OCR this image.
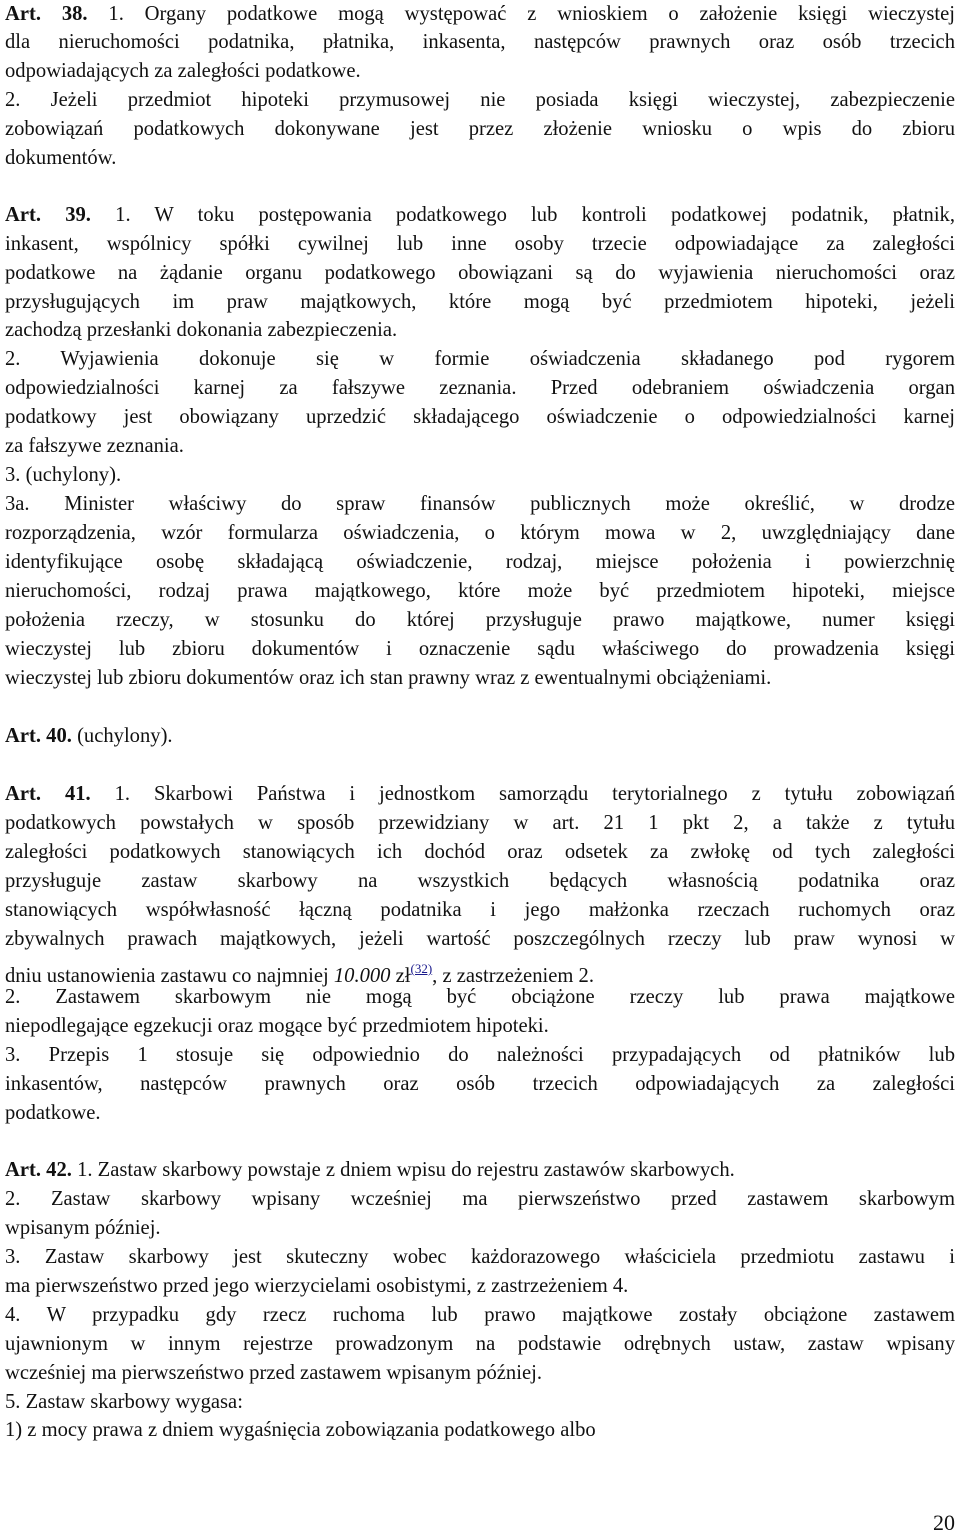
Art. 38. 1. Organy podatkowe mogą występować z wnioskiem o założenie księgi wieczystej
dla nieruchomości podatnika, płatnika, inkasenta, następców prawnych oraz osób trzecich
odpowiadających za zaległości podatkowe.
2. Jeżeli przedmiot hipoteki przymusowej nie posiada księgi wieczystej, zabezpieczenie
zobowiązań podatkowych dokonywane jest przez złożenie wniosku o wpis do zbioru
dokumentów.
Art. 39. 1. W toku postępowania podatkowego lub kontroli podatkowej podatnik, płatnik,
inkasent, wspólnicy spółki cywilnej lub inne osoby trzecie odpowiadające za zaległości
podatkowe na żądanie organu podatkowego obowiązani są do wyjawienia nieruchomości oraz
przysługujących im praw majątkowych, które mogą być przedmiotem hipoteki, jeżeli
zachodzą przesłanki dokonania zabezpieczenia.
2. Wyjawienia dokonuje się w formie oświadczenia składanego pod rygorem
odpowiedzialności karnej za fałszywe zeznania. Przed odebraniem oświadczenia organ
podatkowy jest obowiązany uprzedzić składającego oświadczenie o odpowiedzialności karnej
za fałszywe zeznania.
3. (uchylony).
3a. Minister właściwy do spraw finansów publicznych może określić, w drodze
rozporządzenia, wzór formularza oświadczenia, o którym mowa w 2, uwzględniający dane
identyfikujące osobę składającą oświadczenie, rodzaj, miejsce położenia i powierzchnię
nieruchomości, rodzaj prawa majątkowego, które może być przedmiotem hipoteki, miejsce
położenia rzeczy, w stosunku do której przysługuje prawo majątkowe, numer księgi
wieczystej lub zbioru dokumentów i oznaczenie sądu właściwego do prowadzenia księgi
wieczystej lub zbioru dokumentów oraz ich stan prawny wraz z ewentualnymi obciążeniami.
Art. 40. (uchylony).
Art. 41. 1. Skarbowi Państwa i jednostkom samorządu terytorialnego z tytułu zobowiązań
podatkowych powstałych w sposób przewidziany w art. 21 1 pkt 2, a także z tytułu
zaległości podatkowych stanowiących ich dochód oraz odsetek za zwłokę od tych zaległości
przysługuje zastaw skarbowy na wszystkich będących własnością podatnika oraz
stanowiących współwłasność łączną podatnika i jego małżonka rzeczach ruchomych oraz
zbywalnych prawach majątkowych, jeżeli wartość poszczególnych rzeczy lub praw wynosi w
dniu ustanowienia zastawu co najmniej 10.000 zł$^{(32)}$, z zastrzeżeniem 2.
2. Zastawem skarbowym nie mogą być obciążone rzeczy lub prawa majątkowe
niepodlegające egzekucji oraz mogące być przedmiotem hipoteki.
3. Przepis 1 stosuje się odpowiednio do należności przypadających od płatników lub
inkasentów, następców prawnych oraz osób trzecich odpowiadających za zaległości
podatkowe.
Art. 42. 1. Zastaw skarbowy powstaje z dniem wpisu do rejestru zastawów skarbowych.
2. Zastaw skarbowy wpisany wcześniej ma pierwszeństwo przed zastawem skarbowym
wpisanym później.
3. Zastaw skarbowy jest skuteczny wobec każdorazowego właściciela przedmiotu zastawu i
ma pierwszeństwo przed jego wierzycielami osobistymi, z zastrzeżeniem 4.
4. W przypadku gdy rzecz ruchoma lub prawo majątkowe zostały obciążone zastawem
ujawnionym w innym rejestrze prowadzonym na podstawie odrębnych ustaw, zastaw wpisany
wcześniej ma pierwszeństwo przed zastawem wpisanym później.
5. Zastaw skarbowy wygasa:
1) z mocy prawa z dniem wygaśnięcia zobowiązania podatkowego albo
20
